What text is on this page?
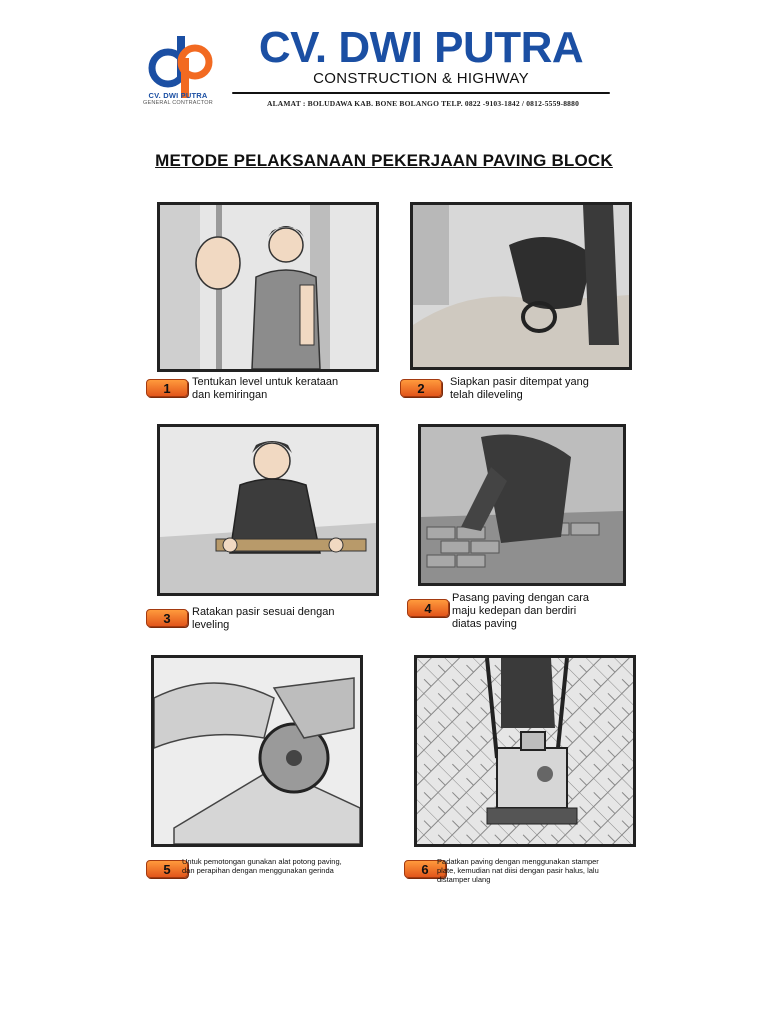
CV. DWI PUTRA
GENERAL CONTRACTOR
CV. DWI PUTRA
CONSTRUCTION & HIGHWAY
ALAMAT : BOLUDAWA KAB. BONE BOLANGO TELP. 0822 -9103-1842 / 0812-5559-8880
METODE PELAKSANAAN PEKERJAAN PAVING BLOCK
1	Tentukan level untuk kerataan
dan kemiringan	2	Siapkan pasir ditempat yang
telah dileveling
3	Ratakan pasir sesuai dengan
leveling
4
Pasang paving dengan cara
maju kedepan dan berdiri
diatas paving
5
Untuk pemotongan gunakan alat potong paving,
dan perapihan dengan menggunakan gerinda	6
Padatkan paving dengan menggunakan stamper
plate, kemudian nat diisi dengan pasir halus, lalu
distamper ulang
